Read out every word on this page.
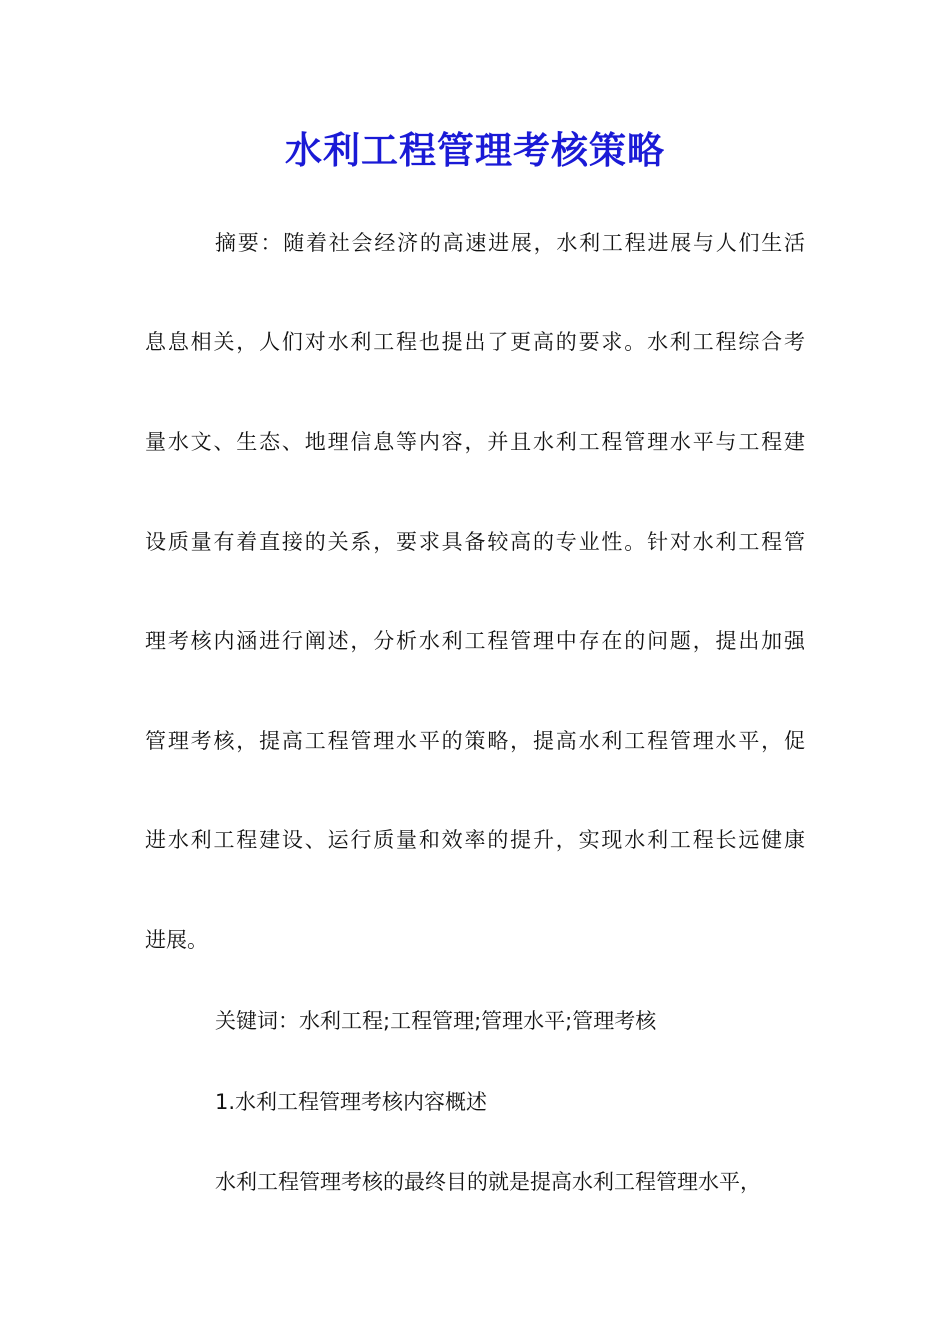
水利工程管理考核策略
摘要：随着社会经济的高速进展，水利工程进展与人们生活
息息相关，人们对水利工程也提出了更高的要求。水利工程综合考
量水文、生态、地理信息等内容，并且水利工程管理水平与工程建
设质量有着直接的关系，要求具备较高的专业性。针对水利工程管
理考核内涵进行阐述，分析水利工程管理中存在的问题，提出加强
管理考核，提高工程管理水平的策略，提高水利工程管理水平，促
进水利工程建设、运行质量和效率的提升，实现水利工程长远健康
进展。
关键词：水利工程;工程管理;管理水平;管理考核
1.水利工程管理考核内容概述
水利工程管理考核的最终目的就是提高水利工程管理水平，
